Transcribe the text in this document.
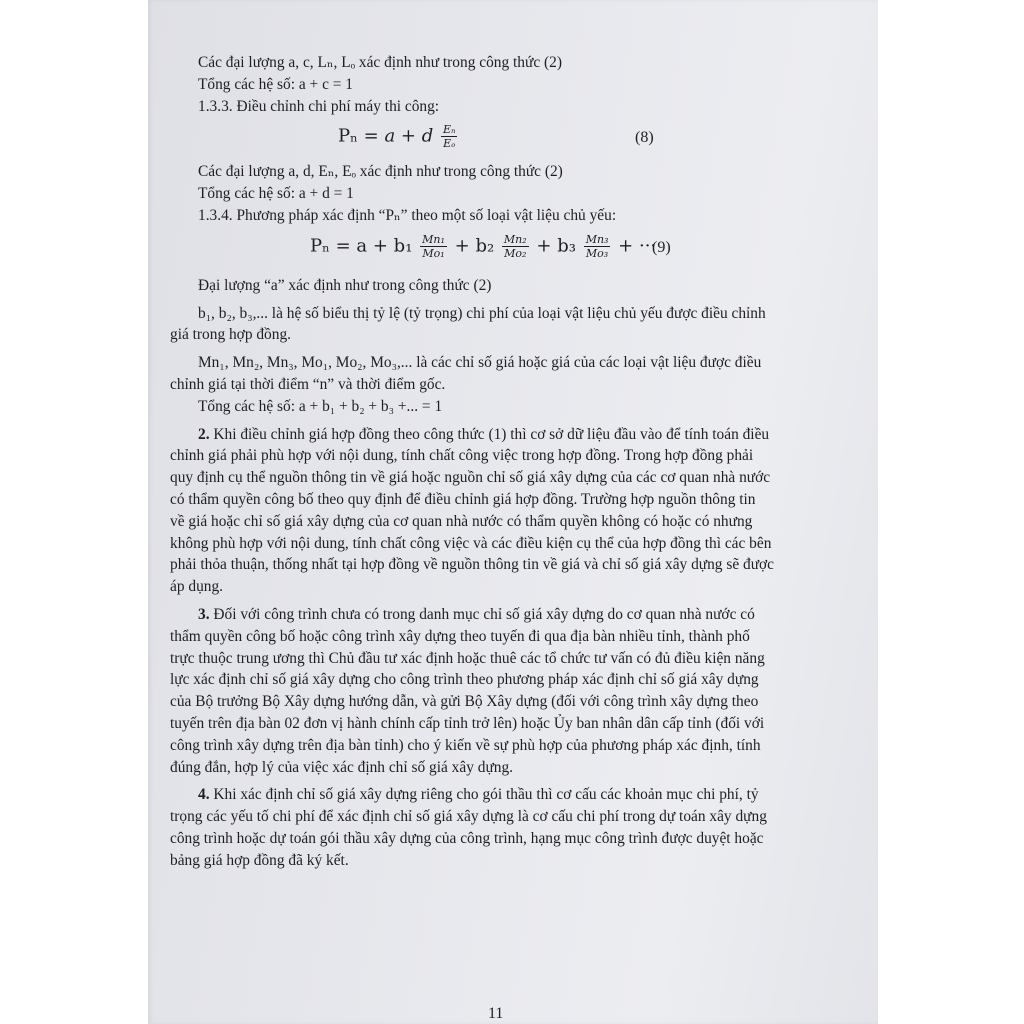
Các đại lượng a, c, Lₙ, Lₒ xác định như trong công thức (2)
Tổng các hệ số: a + c = 1
1.3.3. Điều chỉnh chi phí máy thi công:
Pₙ = a + d $\frac{\text{Eₙ}}{\text{Eₒ}}$	(8)
Các đại lượng a, d, Eₙ, Eₒ xác định như trong công thức (2)
Tổng các hệ số: a + d = 1
1.3.4. Phương pháp xác định “Pₙ” theo một số loại vật liệu chủ yếu:
$P_n = a + b_1 \frac{\text{Mn₁}}{\text{Mo₁}} + b_2 \frac{\text{Mn₂}}{\text{Mo₂}} + b_3 \frac{\text{Mn₃}}{\text{Mo₃}}$ + ···
(9)
Đại lượng “a” xác định như trong công thức (2)
b₁, b₂, b₃,... là hệ số biểu thị tỷ lệ (tỷ trọng) chi phí của loại vật liệu chủ yếu được điều chỉnh
giá trong hợp đồng.
Mn₁, Mn₂, Mn₃, Mo₁, Mo₂, Mo₃,... là các chỉ số giá hoặc giá của các loại vật liệu được điều
chỉnh giá tại thời điểm “n” và thời điểm gốc.
Tổng các hệ số: a + b₁ + b₂ + b₃ +... = 1
2. Khi điều chỉnh giá hợp đồng theo công thức (1) thì cơ sở dữ liệu đầu vào để tính toán điều
chỉnh giá phải phù hợp với nội dung, tính chất công việc trong hợp đồng. Trong hợp đồng phải
quy định cụ thể nguồn thông tin về giá hoặc nguồn chỉ số giá xây dựng của các cơ quan nhà nước
có thẩm quyền công bố theo quy định để điều chỉnh giá hợp đồng. Trường hợp nguồn thông tin
về giá hoặc chỉ số giá xây dựng của cơ quan nhà nước có thẩm quyền không có hoặc có nhưng
không phù hợp với nội dung, tính chất công việc và các điều kiện cụ thể của hợp đồng thì các bên
phải thỏa thuận, thống nhất tại hợp đồng về nguồn thông tin về giá và chỉ số giá xây dựng sẽ được
áp dụng.
3. Đối với công trình chưa có trong danh mục chỉ số giá xây dựng do cơ quan nhà nước có
thẩm quyền công bố hoặc công trình xây dựng theo tuyến đi qua địa bàn nhiều tỉnh, thành phố
trực thuộc trung ương thì Chủ đầu tư xác định hoặc thuê các tổ chức tư vấn có đủ điều kiện năng
lực xác định chỉ số giá xây dựng cho công trình theo phương pháp xác định chỉ số giá xây dựng
của Bộ trưởng Bộ Xây dựng hướng dẫn, và gửi Bộ Xây dựng (đối với công trình xây dựng theo
tuyến trên địa bàn 02 đơn vị hành chính cấp tỉnh trở lên) hoặc Ủy ban nhân dân cấp tỉnh (đối với
công trình xây dựng trên địa bàn tỉnh) cho ý kiến về sự phù hợp của phương pháp xác định, tính
đúng đắn, hợp lý của việc xác định chỉ số giá xây dựng.
4. Khi xác định chỉ số giá xây dựng riêng cho gói thầu thì cơ cấu các khoản mục chi phí, tỷ
trọng các yếu tố chi phí để xác định chỉ số giá xây dựng là cơ cấu chi phí trong dự toán xây dựng
công trình hoặc dự toán gói thầu xây dựng của công trình, hạng mục công trình được duyệt hoặc
bảng giá hợp đồng đã ký kết.
11
